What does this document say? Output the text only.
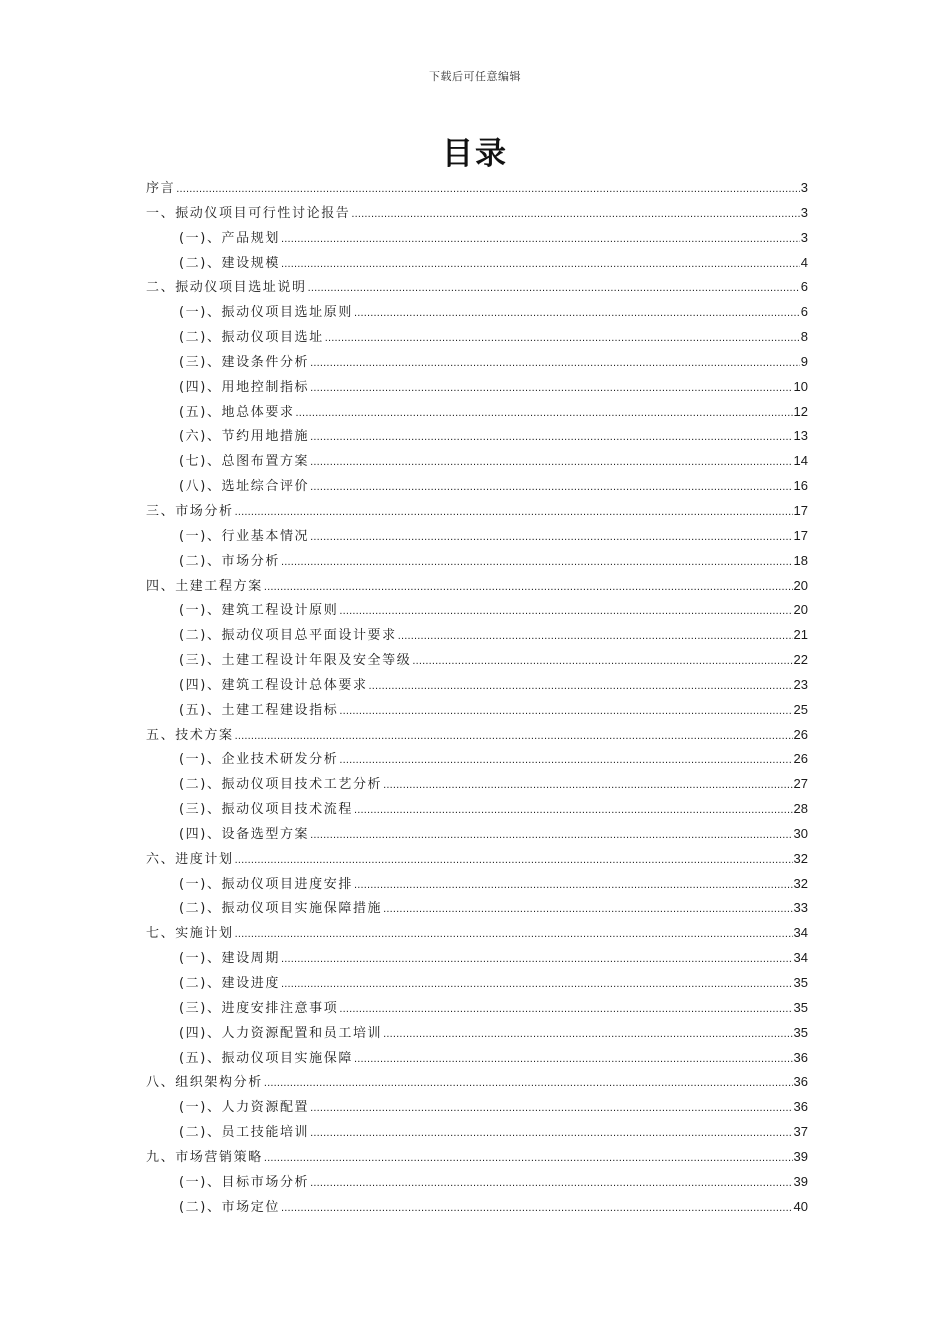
下载后可任意编辑
目录
序言 .....	3
一、振动仪项目可行性讨论报告 .....	3
(一)、产品规划 .....	3
(二)、建设规模 .....	4
二、振动仪项目选址说明 .....	6
(一)、振动仪项目选址原则 .....	6
(二)、振动仪项目选址 .....	8
(三)、建设条件分析 .....	9
(四)、用地控制指标 .....	10
(五)、地总体要求 .....	12
(六)、节约用地措施 .....	13
(七)、总图布置方案 .....	14
(八)、选址综合评价 .....	16
三、市场分析 .....	17
(一)、行业基本情况 .....	17
(二)、市场分析 .....	18
四、土建工程方案 .....	20
(一)、建筑工程设计原则 .....	20
(二)、振动仪项目总平面设计要求 .....	21
(三)、土建工程设计年限及安全等级 .....	22
(四)、建筑工程设计总体要求 .....	23
(五)、土建工程建设指标 .....	25
五、技术方案 .....	26
(一)、企业技术研发分析 .....	26
(二)、振动仪项目技术工艺分析 .....	27
(三)、振动仪项目技术流程 .....	28
(四)、设备选型方案 .....	30
六、进度计划 .....	32
(一)、振动仪项目进度安排 .....	32
(二)、振动仪项目实施保障措施 .....	33
七、实施计划 .....	34
(一)、建设周期 .....	34
(二)、建设进度 .....	35
(三)、进度安排注意事项 .....	35
(四)、人力资源配置和员工培训 .....	35
(五)、振动仪项目实施保障 .....	36
八、组织架构分析 .....	36
(一)、人力资源配置 .....	36
(二)、员工技能培训 .....	37
九、市场营销策略 .....	39
(一)、目标市场分析 .....	39
(二)、市场定位 .....	40
